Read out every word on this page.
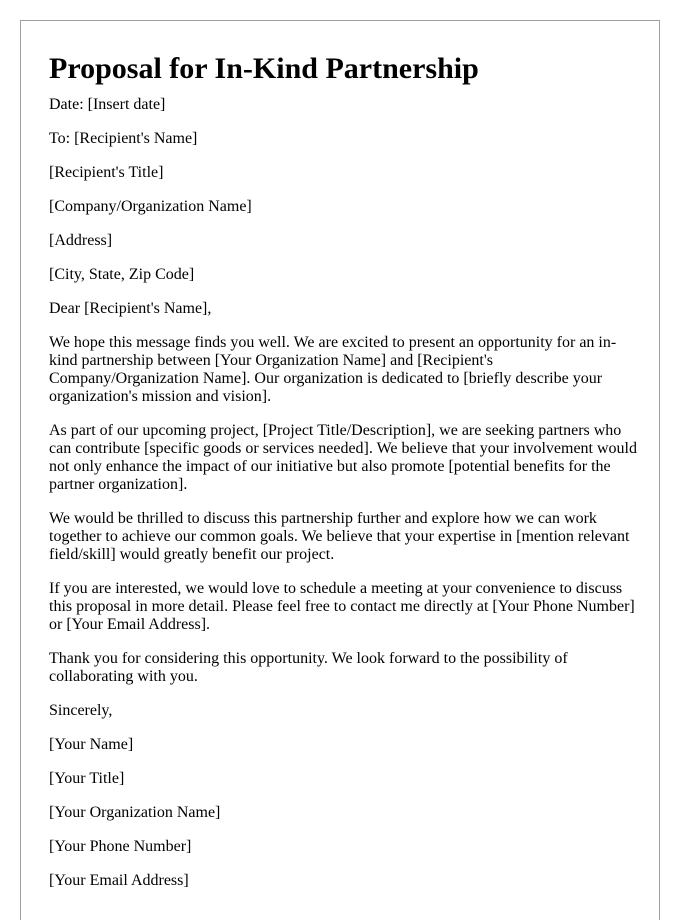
Proposal for In-Kind Partnership

Date: [Insert date]

To: [Recipient's Name]

[Recipient's Title]

[Company/Organization Name]

[Address]

[City, State, Zip Code]

Dear [Recipient's Name],

We hope this message finds you well. We are excited to present an opportunity for an in-kind partnership between [Your Organization Name] and [Recipient's Company/Organization Name]. Our organization is dedicated to [briefly describe your organization's mission and vision].

As part of our upcoming project, [Project Title/Description], we are seeking partners who can contribute [specific goods or services needed]. We believe that your involvement would not only enhance the impact of our initiative but also promote [potential benefits for the partner organization].

We would be thrilled to discuss this partnership further and explore how we can work together to achieve our common goals. We believe that your expertise in [mention relevant field/skill] would greatly benefit our project.

If you are interested, we would love to schedule a meeting at your convenience to discuss this proposal in more detail. Please feel free to contact me directly at [Your Phone Number] or [Your Email Address].

Thank you for considering this opportunity. We look forward to the possibility of collaborating with you.

Sincerely,

[Your Name]

[Your Title]

[Your Organization Name]

[Your Phone Number]

[Your Email Address]
